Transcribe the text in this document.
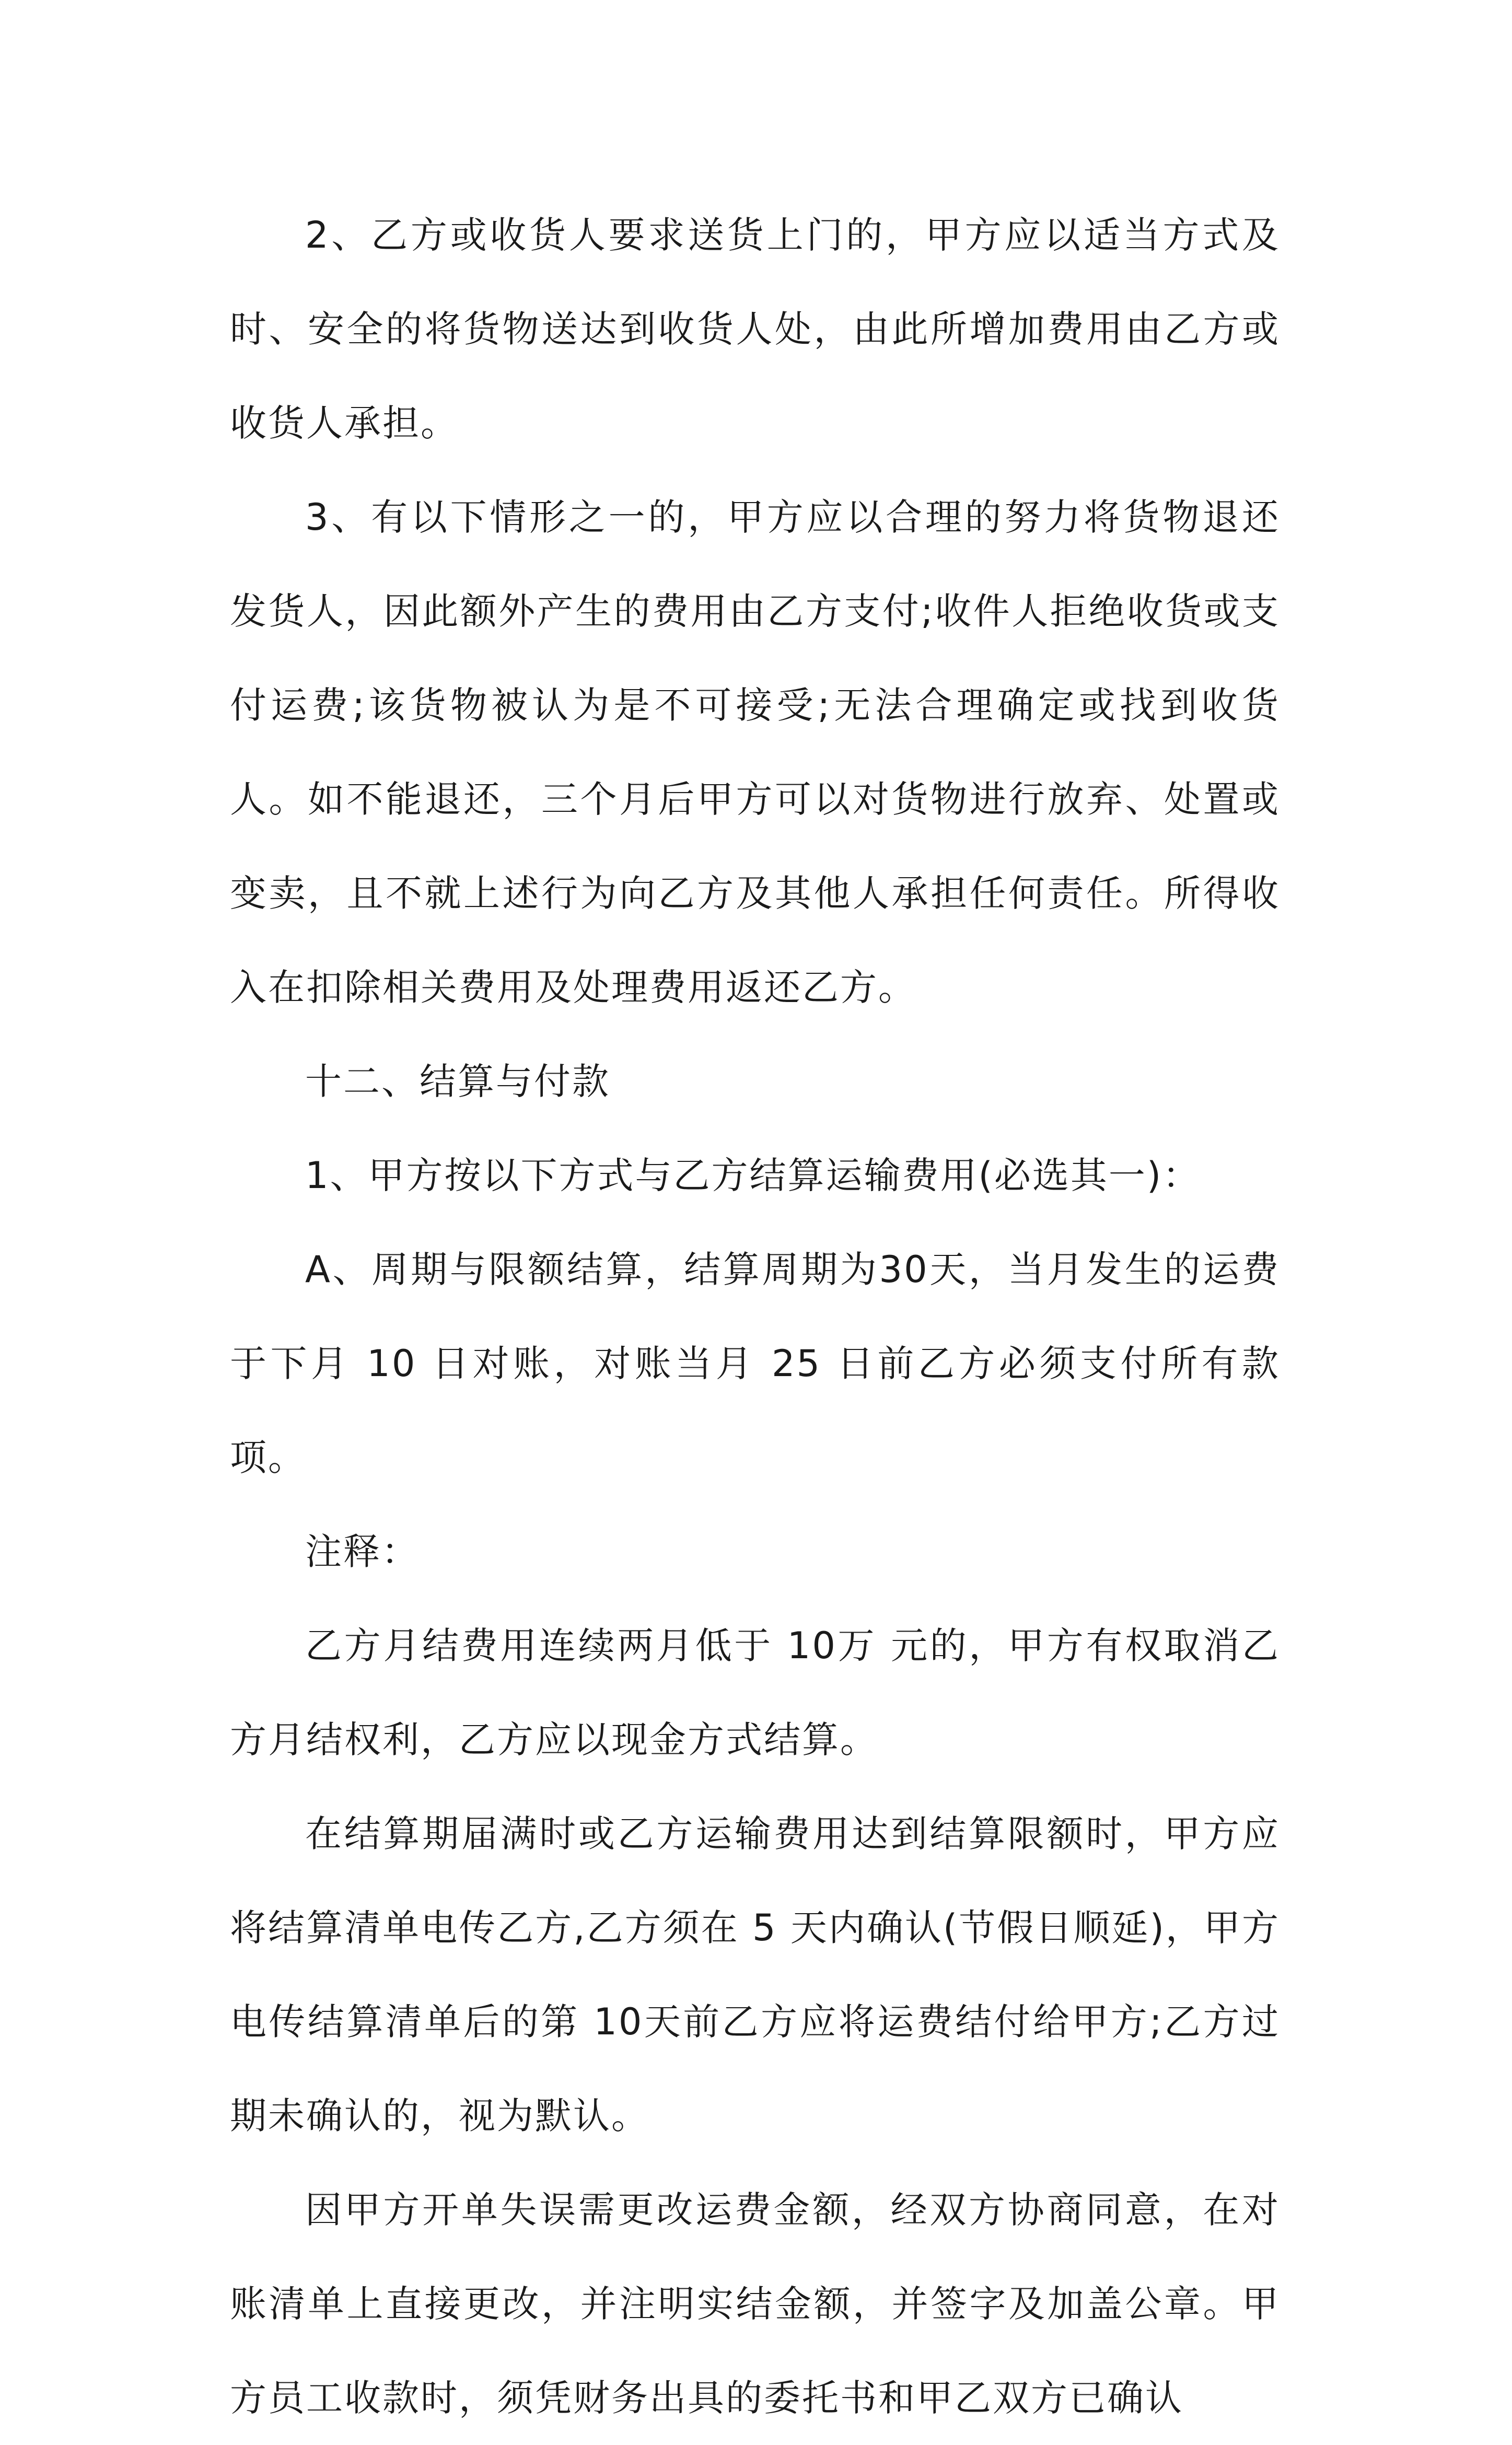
2、乙方或收货人要求送货上门的，甲方应以适当方式及时、安全的将货物送达到收货人处，由此所增加费用由乙方或收货人承担。

3、有以下情形之一的，甲方应以合理的努力将货物退还发货人，因此额外产生的费用由乙方支付;收件人拒绝收货或支付运费;该货物被认为是不可接受;无法合理确定或找到收货人。如不能退还，三个月后甲方可以对货物进行放弃、处置或变卖，且不就上述行为向乙方及其他人承担任何责任。所得收入在扣除相关费用及处理费用返还乙方。

十二、结算与付款

1、甲方按以下方式与乙方结算运输费用(必选其一)：

A、周期与限额结算，结算周期为30天，当月发生的运费于下月 10 日对账，对账当月 25 日前乙方必须支付所有款项。

注释：

乙方月结费用连续两月低于 10万 元的，甲方有权取消乙方月结权利，乙方应以现金方式结算。

在结算期届满时或乙方运输费用达到结算限额时，甲方应将结算清单电传乙方,乙方须在 5 天内确认(节假日顺延)，甲方电传结算清单后的第 10天前乙方应将运费结付给甲方;乙方过期未确认的，视为默认。

因甲方开单失误需更改运费金额，经双方协商同意，在对账清单上直接更改，并注明实结金额，并签字及加盖公章。甲方员工收款时，须凭财务出具的委托书和甲乙双方已确认
